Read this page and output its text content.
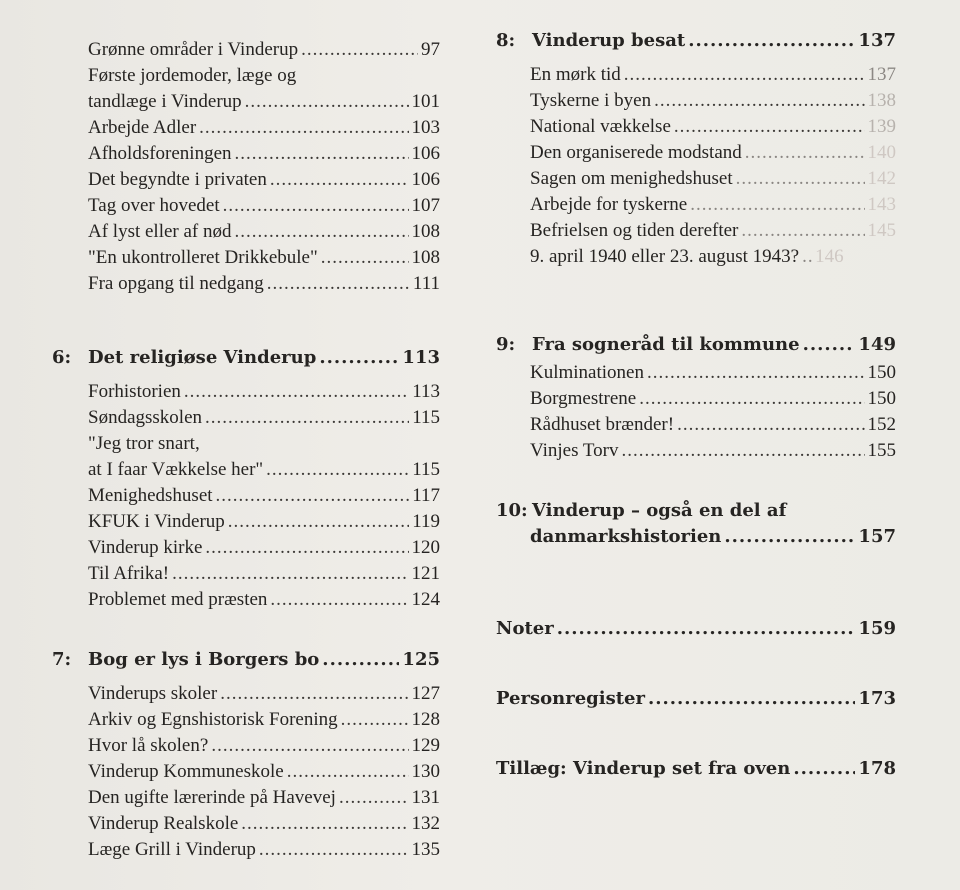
Grønne områder i Vinderup .....	97
Første jordemoder, læge og
tandlæge i Vinderup .....	101
Arbejde Adler .....	103
Afholdsforeningen .....	106
Det begyndte i privaten .....	106
Tag over hovedet .....	107
Af lyst eller af nød .....	108
"En ukontrolleret Drikkebule" .....	108
Fra opgang til nedgang .....	111
6: Det religiøse Vinderup .....	113
Forhistorien .....	113
Søndagsskolen .....	115
"Jeg tror snart,
at I faar Vækkelse her" .....	115
Menighedshuset .....	117
KFUK i Vinderup .....	119
Vinderup kirke .....	120
Til Afrika! .....	121
Problemet med præsten .....	124
7: Bog er lys i Borgers bo .....	125
Vinderups skoler .....	127
Arkiv og Egnshistorisk Forening .....	128
Hvor lå skolen? .....	129
Vinderup Kommuneskole .....	130
Den ugifte lærerinde på Havevej .....	131
Vinderup Realskole .....	132
Læge Grill i Vinderup .....	135
8: Vinderup besat .....	137
En mørk tid .....	137
Tyskerne i byen .....	138
National vækkelse .....	139
Den organiserede modstand .....	140
Sagen om menighedshuset .....	142
Arbejde for tyskerne .....	143
Befrielsen og tiden derefter .....	145
9. april 1940 eller 23. august 1943? ..... 146
9: Fra sogneråd til kommune .....	149
Kulminationen .....	150
Borgmestrene .....	150
Rådhuset brænder! .....	152
Vinjes Torv .....	155
10: Vinderup – også en del af
danmarkshistorien .....	157
Noter .....	159
Personregister .....	173
Tillæg: Vinderup set fra oven .....	178
